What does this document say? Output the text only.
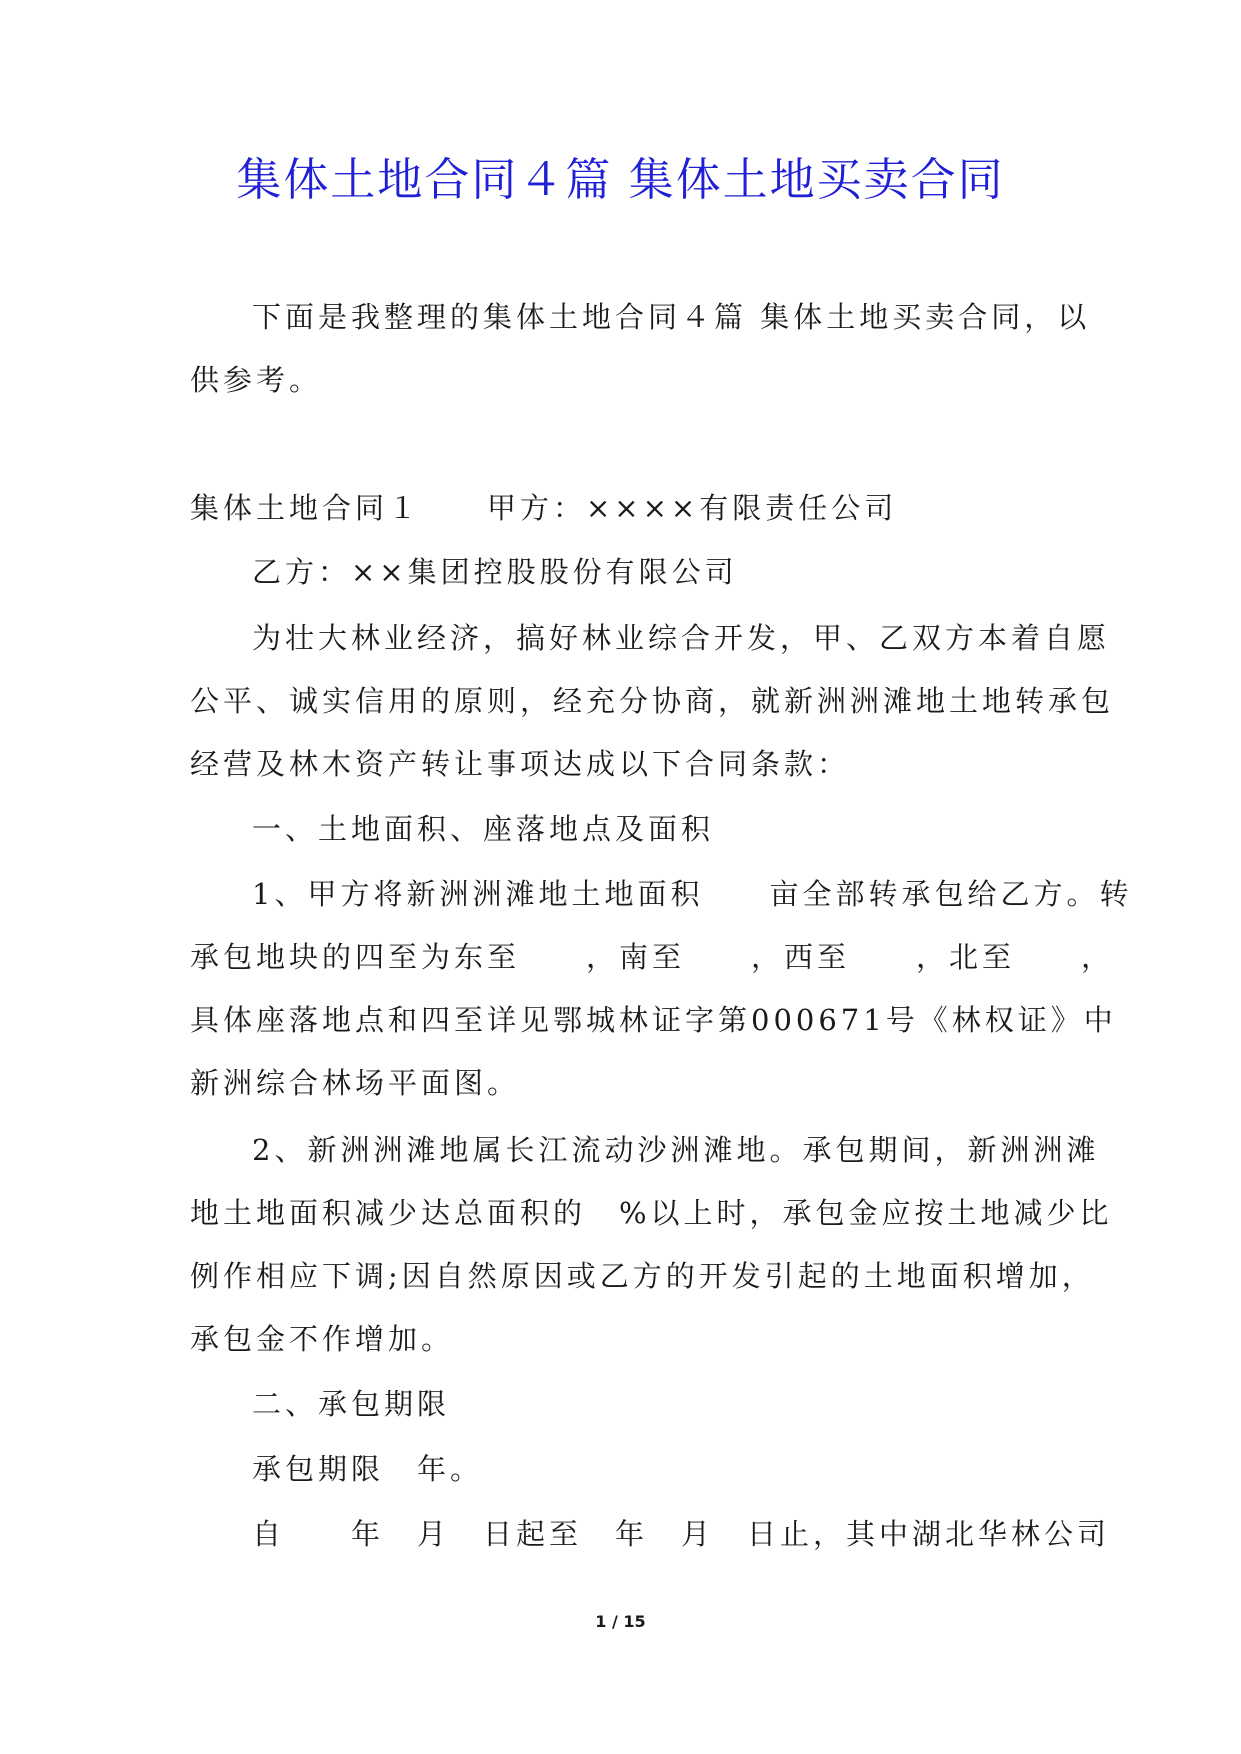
集体土地合同４篇 集体土地买卖合同
下面是我整理的集体土地合同４篇 集体土地买卖合同，以
供参考。
集体土地合同１　　甲方：××××有限责任公司
乙方：××集团控股股份有限公司
为壮大林业经济，搞好林业综合开发，甲、乙双方本着自愿
公平、诚实信用的原则，经充分协商，就新洲洲滩地土地转承包
经营及林木资产转让事项达成以下合同条款：
一、土地面积、座落地点及面积
1、甲方将新洲洲滩地土地面积　　亩全部转承包给乙方。转
承包地块的四至为东至　　，南至　　，西至　　，北至　　，
具体座落地点和四至详见鄂城林证字第000671号《林权证》中
新洲综合林场平面图。
2、新洲洲滩地属长江流动沙洲滩地。承包期间，新洲洲滩
地土地面积减少达总面积的　%以上时，承包金应按土地减少比
例作相应下调;因自然原因或乙方的开发引起的土地面积增加，
承包金不作增加。
二、承包期限
承包期限　年。
自　　年　月　日起至　年　月　日止，其中湖北华林公司
1 / 15
